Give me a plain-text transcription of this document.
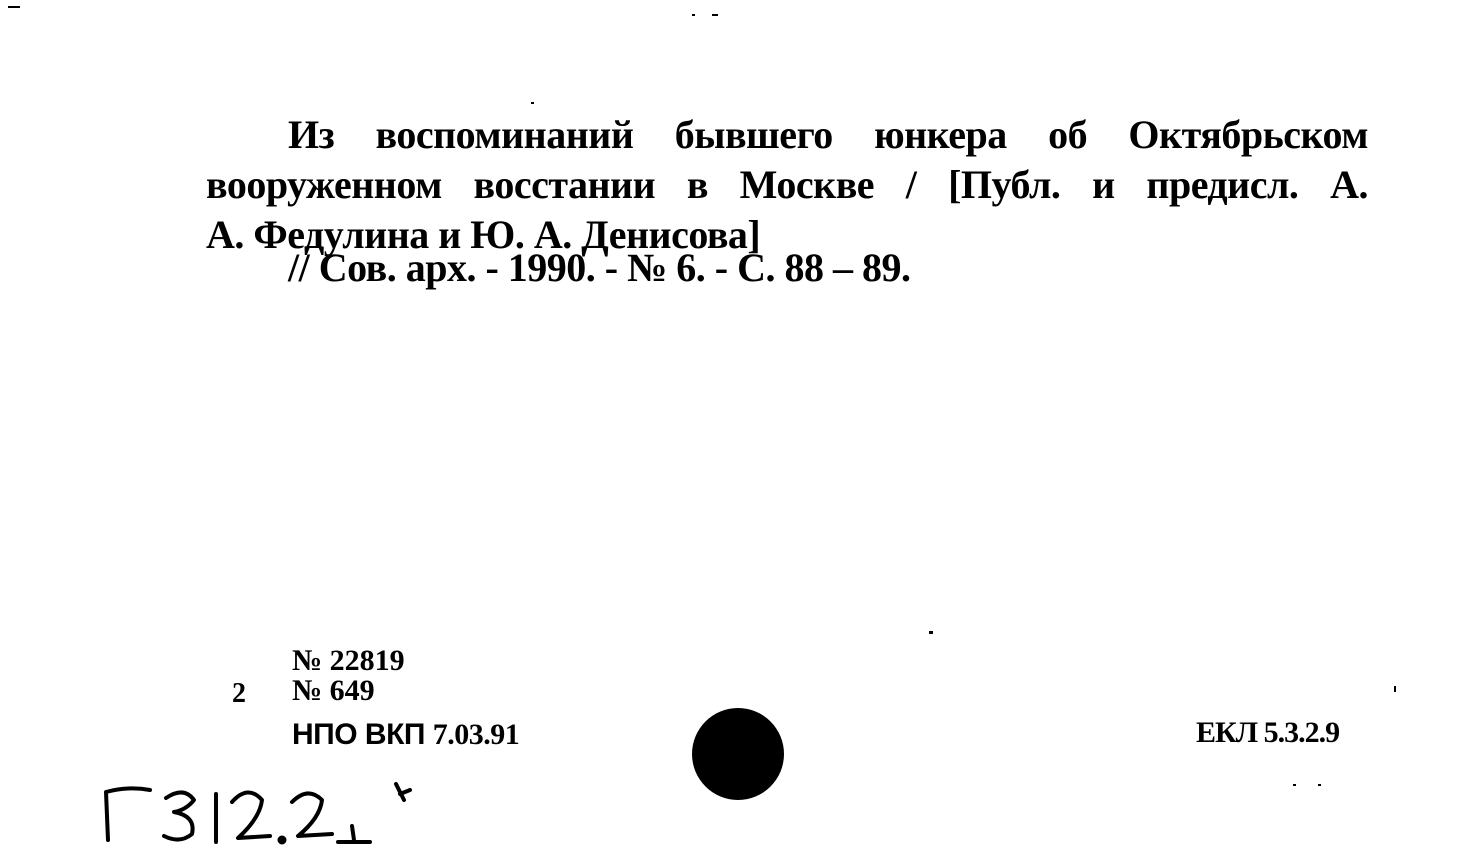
Из воспоминаний бывшего юнкера об Октябрьском
вооруженном восстании в Москве / [Публ. и предисл. А.
А. Федулина и Ю. А. Денисова]
// Сов. арх. - 1990. - № 6. - С. 88 – 89.
№ 22819
№ 649
2
НПО ВКП 7.03.91	ЕКЛ 5.3.2.9
